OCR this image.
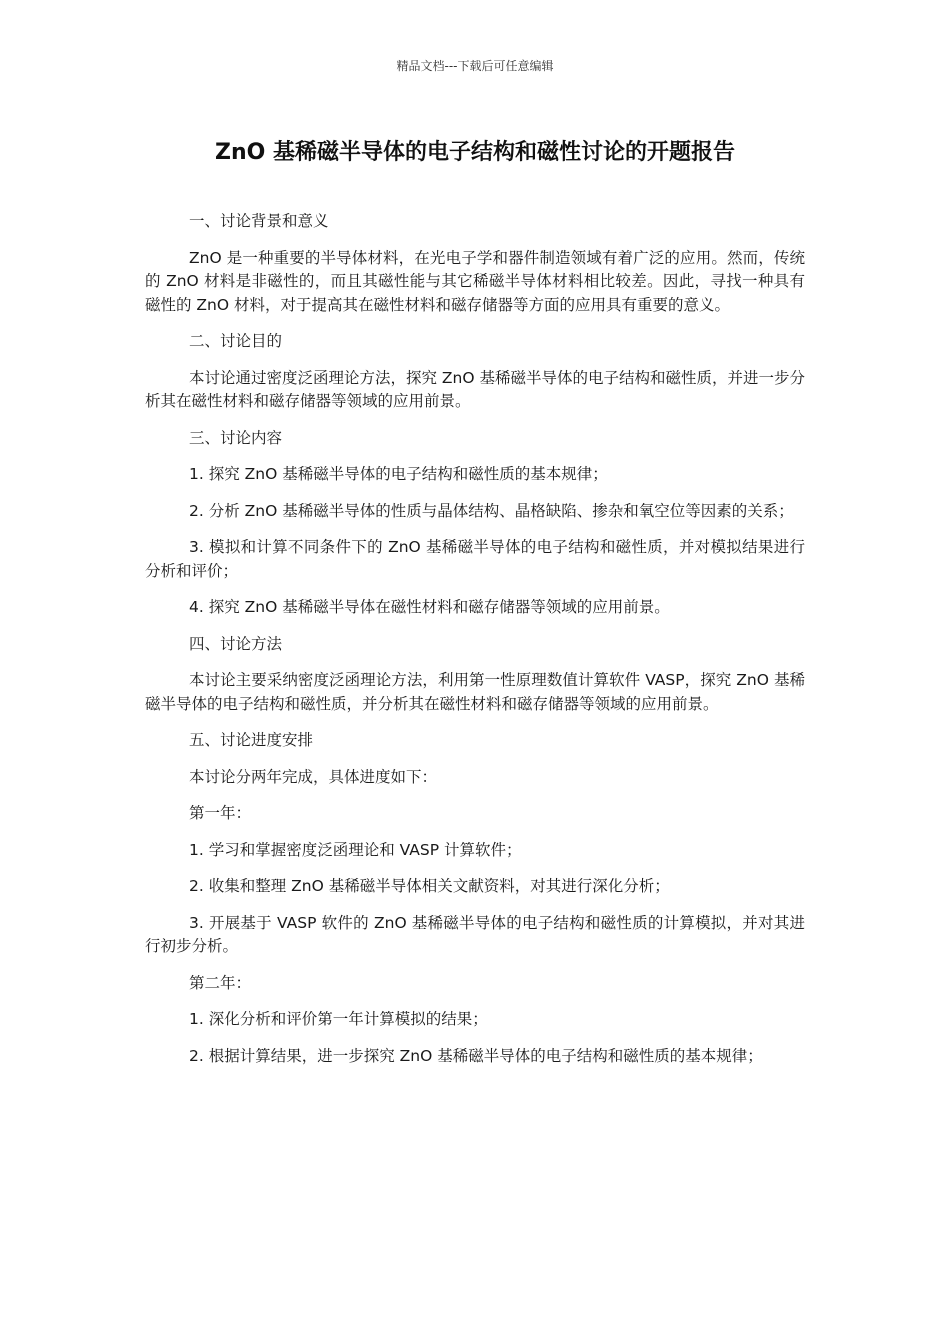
精品文档---下载后可任意编辑
ZnO 基稀磁半导体的电子结构和磁性讨论的开题报告

一、讨论背景和意义

ZnO 是一种重要的半导体材料，在光电子学和器件制造领域有着广泛的应用。然而，传统的 ZnO 材料是非磁性的，而且其磁性能与其它稀磁半导体材料相比较差。因此，寻找一种具有磁性的 ZnO 材料，对于提高其在磁性材料和磁存储器等方面的应用具有重要的意义。

二、讨论目的

本讨论通过密度泛函理论方法，探究 ZnO 基稀磁半导体的电子结构和磁性质，并进一步分析其在磁性材料和磁存储器等领域的应用前景。

三、讨论内容

1. 探究 ZnO 基稀磁半导体的电子结构和磁性质的基本规律；

2. 分析 ZnO 基稀磁半导体的性质与晶体结构、晶格缺陷、掺杂和氧空位等因素的关系；

3. 模拟和计算不同条件下的 ZnO 基稀磁半导体的电子结构和磁性质，并对模拟结果进行分析和评价；

4. 探究 ZnO 基稀磁半导体在磁性材料和磁存储器等领域的应用前景。

四、讨论方法

本讨论主要采纳密度泛函理论方法，利用第一性原理数值计算软件 VASP，探究 ZnO 基稀磁半导体的电子结构和磁性质，并分析其在磁性材料和磁存储器等领域的应用前景。

五、讨论进度安排

本讨论分两年完成，具体进度如下：

第一年：

1. 学习和掌握密度泛函理论和 VASP 计算软件；

2. 收集和整理 ZnO 基稀磁半导体相关文献资料，对其进行深化分析；

3. 开展基于 VASP 软件的 ZnO 基稀磁半导体的电子结构和磁性质的计算模拟，并对其进行初步分析。

第二年：

1. 深化分析和评价第一年计算模拟的结果；

2. 根据计算结果，进一步探究 ZnO 基稀磁半导体的电子结构和磁性质的基本规律；
